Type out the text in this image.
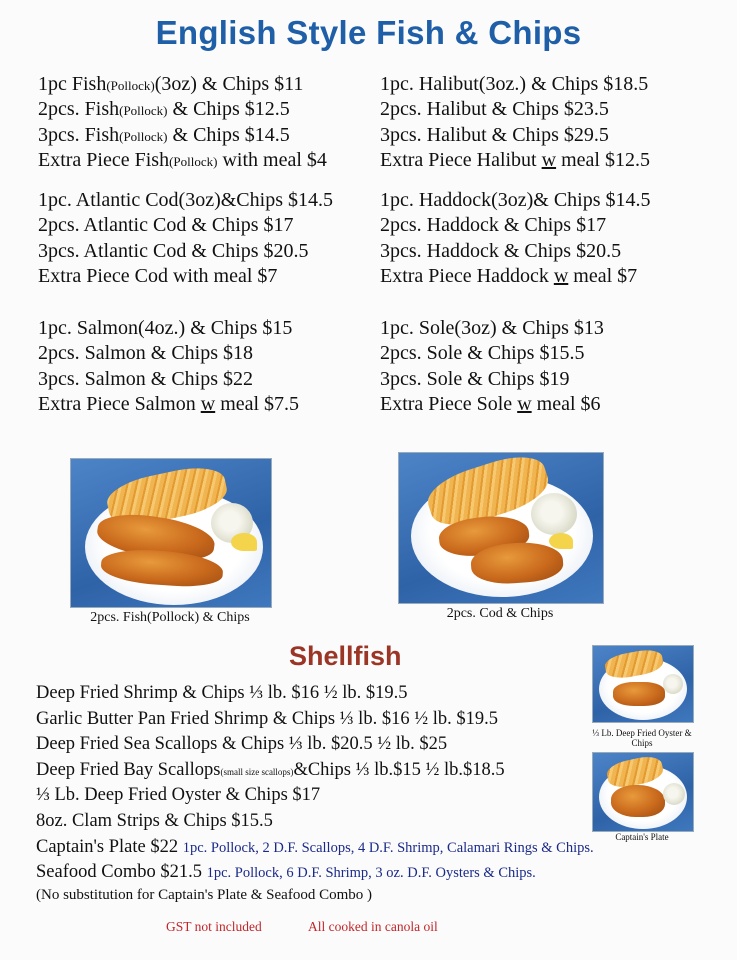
English Style Fish & Chips
1pc Fish(Pollock)(3oz) & Chips $11
2pcs. Fish(Pollock) & Chips $12.5
3pcs. Fish(Pollock) & Chips $14.5
Extra Piece Fish(Pollock) with meal $4
1pc. Halibut(3oz.) & Chips $18.5
2pcs. Halibut & Chips $23.5
3pcs. Halibut & Chips $29.5
Extra Piece Halibut w meal $12.5
1pc. Atlantic Cod(3oz)&Chips $14.5
2pcs. Atlantic Cod & Chips $17
3pcs. Atlantic Cod & Chips $20.5
Extra Piece Cod with meal $7
1pc. Haddock(3oz)& Chips $14.5
2pcs. Haddock & Chips $17
3pcs. Haddock & Chips $20.5
Extra Piece Haddock w meal $7
1pc. Salmon(4oz.) & Chips $15
2pcs. Salmon & Chips $18
3pcs. Salmon & Chips $22
Extra Piece Salmon w meal $7.5
1pc. Sole(3oz) & Chips $13
2pcs. Sole & Chips $15.5
3pcs. Sole & Chips $19
Extra Piece Sole w meal $6
2pcs. Fish(Pollock) & Chips	2pcs. Cod & Chips
Shellfish
⅓ Lb. Deep Fried Oyster & Chips
Captain's Plate
Deep Fried Shrimp & Chips ⅓ lb. $16 ½ lb. $19.5
Garlic Butter Pan Fried Shrimp & Chips ⅓ lb. $16 ½ lb. $19.5
Deep Fried Sea Scallops & Chips ⅓ lb. $20.5 ½ lb. $25
Deep Fried Bay Scallops(small size scallops)&Chips ⅓ lb.$15 ½ lb.$18.5
⅓ Lb. Deep Fried Oyster & Chips $17
8oz. Clam Strips & Chips $15.5
Captain's Plate $22 1pc. Pollock, 2 D.F. Scallops, 4 D.F. Shrimp, Calamari Rings & Chips.
Seafood Combo $21.5 1pc. Pollock, 6 D.F. Shrimp, 3 oz. D.F. Oysters & Chips.
(No substitution for Captain's Plate & Seafood Combo )
GST not included	All cooked in canola oil
